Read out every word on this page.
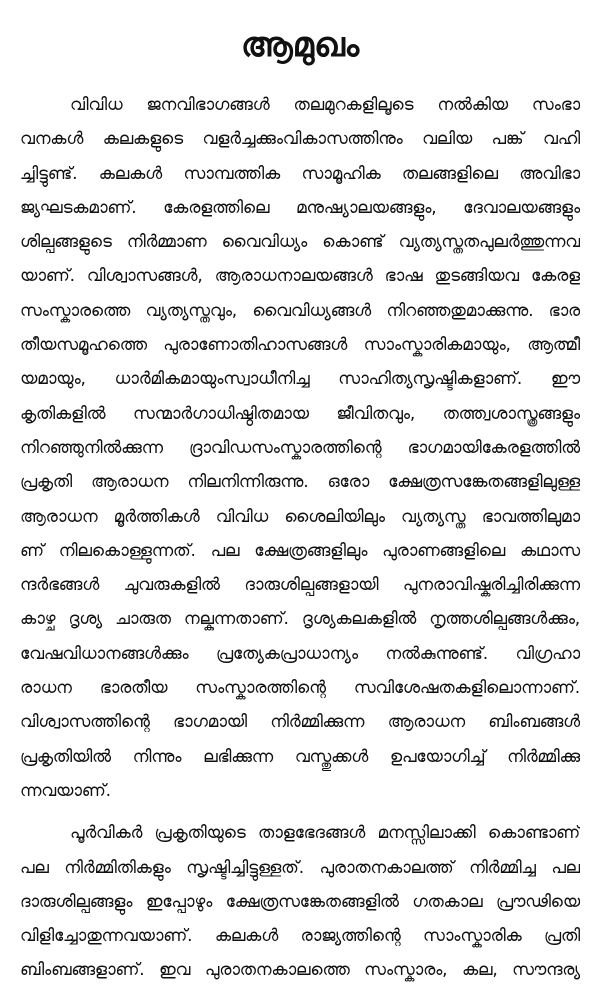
ആമുഖം
വിവിധ ജനവിഭാഗങ്ങൾ തലമുറകളിലൂടെ നൽകിയ സംഭാ
വനകൾ കലകളുടെ വളർച്ചക്കുംവികാസത്തിനും വലിയ പങ്ക് വഹി
ച്ചിട്ടുണ്ട്. കലകൾ സാമ്പത്തിക സാമൂഹിക തലങ്ങളിലെ അവിഭാ
ജ്യഘടകമാണ്. കേരളത്തിലെ മനുഷ്യാലയങ്ങളും, ദേവാലയങ്ങളും
ശില്പങ്ങളുടെ നിർമ്മാണ വൈവിധ്യം കൊണ്ട് വ്യത്യസ്തതപുലർത്തുന്നവ
യാണ്. വിശ്വാസങ്ങൾ, ആരാധനാലയങ്ങൾ ഭാഷ തുടങ്ങിയവ കേരള
സംസ്കാരത്തെ വ്യത്യസ്തവും, വൈവിധ്യങ്ങൾ നിറഞ്ഞതുമാക്കുന്നു. ഭാര
തീയസമൂഹത്തെ പുരാണോതിഹാസങ്ങൾ സാംസ്കാരികമായും, ആത്മീ
യമായും, ധാർമികമായുംസ്വാധീനിച്ച സാഹിത്യസൃഷ്ടികളാണ്. ഈ
കൃതികളിൽ സന്മാർഗാധിഷ്ഠിതമായ ജീവിതവും, തത്ത്വശാസ്ത്രങ്ങളും
നിറഞ്ഞുനിൽക്കുന്ന ദ്രാവിഡസംസ്കാരത്തിന്റെ ഭാഗമായികേരളത്തിൽ
പ്രകൃതി ആരാധന നിലനിന്നിരുന്നു. ഒരോ ക്ഷേത്രസങ്കേതങ്ങളിലുള്ള
ആരാധന മൂർത്തികൾ വിവിധ ശൈലിയിലും വ്യത്യസ്ത ഭാവത്തിലുമാ
ണ് നിലകൊള്ളുന്നത്. പല ക്ഷേത്രങ്ങളിലും പുരാണങ്ങളിലെ കഥാസ
ന്ദർഭങ്ങൾ ചുവരുകളിൽ ദാരുശില്പങ്ങളായി പുനരാവിഷ്കരിച്ചിരിക്കുന്ന
കാഴ്ച ദൃശ്യ ചാരുത നല്കുന്നതാണ്. ദൃശ്യകലകളിൽ നൃത്തശില്പങ്ങൾക്കും,
വേഷവിധാനങ്ങൾക്കും പ്രത്യേകപ്രാധാന്യം നൽകുന്നുണ്ട്. വിഗ്രഹാ
രാധന ഭാരതീയ സംസ്കാരത്തിന്റെ സവിശേഷതകളിലൊന്നാണ്.
വിശ്വാസത്തിന്റെ ഭാഗമായി നിർമ്മിക്കുന്ന ആരാധന ബിംബങ്ങൾ
പ്രകൃതിയിൽ നിന്നും ലഭിക്കുന്ന വസ്തുക്കൾ ഉപയോഗിച്ച് നിർമ്മിക്കു
ന്നവയാണ്.
പൂർവികർ പ്രകൃതിയുടെ താളഭേദങ്ങൾ മനസ്സിലാക്കി കൊണ്ടാണ്
പല നിർമ്മിതികളും സൃഷ്ടിച്ചിട്ടുള്ളത്. പുരാതനകാലത്ത് നിർമ്മിച്ച പല
ദാരുശില്പങ്ങളും ഇപ്പോഴും ക്ഷേത്രസങ്കേതങ്ങളിൽ ഗതകാല പ്രൗഢിയെ
വിളിച്ചോതുന്നവയാണ്. കലകൾ രാജ്യത്തിന്റെ സാംസ്കാരിക പ്രതി
ബിംബങ്ങളാണ്. ഇവ പുരാതനകാലത്തെ സംസ്കാരം, കല, സൗന്ദര്യ
